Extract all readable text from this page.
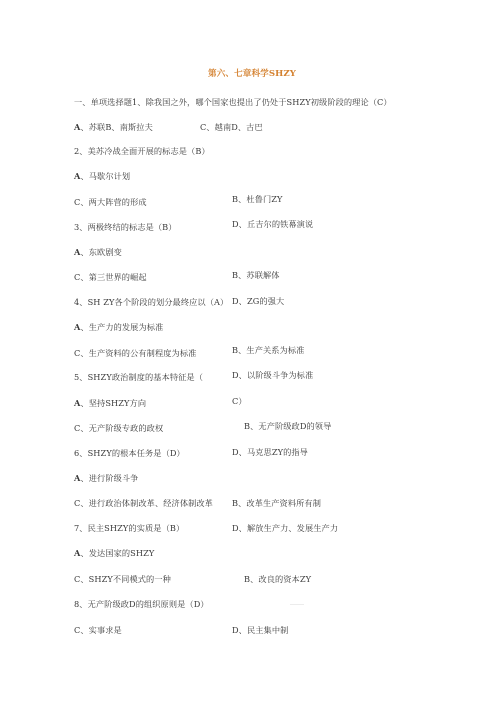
第六、七章科学SHZY
一、单项选择题1、除我国之外，哪个国家也提出了仍处于SHZY初级阶段的理论（C）
A、苏联B、南斯拉夫	C、越南D、古巴
2、美苏冷战全面开展的标志是（B）
A、马歇尔计划
B、杜鲁门ZY
C、两大阵营的形成
D、丘吉尔的铁幕演说
3、两极终结的标志是（B）
A、东欧剧变
B、苏联解体
C、第三世界的崛起
D、ZG的强大
4、SH ZY各个阶段的划分最终应以（A）
A、生产力的发展为标准
B、生产关系为标准
C、生产资料的公有制程度为标准
D、以阶级斗争为标准
5、SHZY政治制度的基本特征是（
C）
A、坚持SHZY方向
B、无产阶级政D的领导
C、无产阶级专政的政权
D、马克思ZY的指导
6、SHZY的根本任务是（D）
A、进行阶级斗争
B、改革生产资料所有制
C、进行政治体制改革、经济体制改革
D、解放生产力、发展生产力
7、民主SHZY的实质是（B）
A、发达国家的SHZY
B、改良的资本ZY
C、SHZY不同模式的一种
8、无产阶级政D的组织原则是（D）
C、实事求是	D、民主集中制
